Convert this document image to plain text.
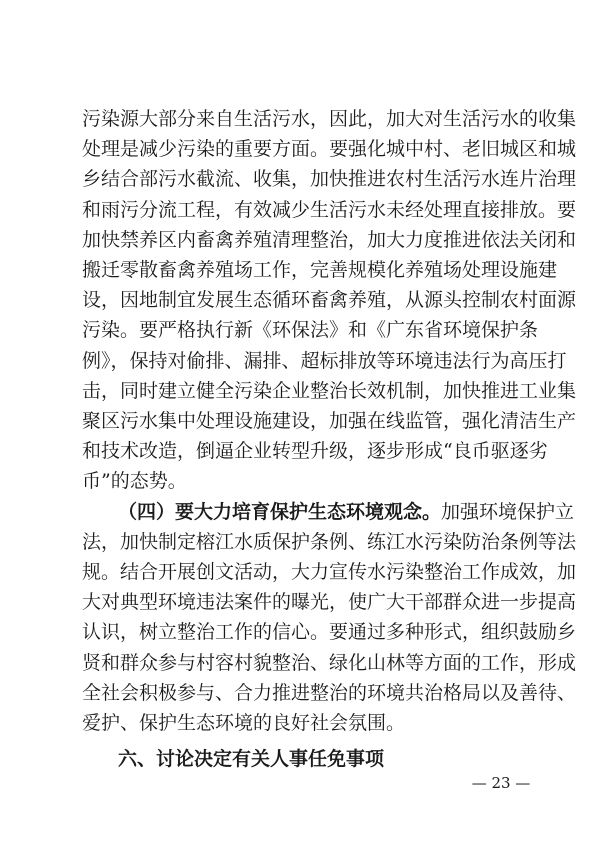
六、讨论决定有关人事任免事项
— 23 —
污染源大部分来自生活污水，因此，加大对生活污水的收集
处理是减少污染的重要方面。要强化城中村、老旧城区和城
乡结合部污水截流、收集，加快推进农村生活污水连片治理
和雨污分流工程，有效减少生活污水未经处理直接排放。要
加快禁养区内畜禽养殖清理整治，加大力度推进依法关闭和
搬迁零散畜禽养殖场工作，完善规模化养殖场处理设施建
设，因地制宜发展生态循环畜禽养殖，从源头控制农村面源
污染。要严格执行新《环保法》和《广东省环境保护条
例》，保持对偷排、漏排、超标排放等环境违法行为高压打
击，同时建立健全污染企业整治长效机制，加快推进工业集
聚区污水集中处理设施建设，加强在线监管，强化清洁生产
和技术改造，倒逼企业转型升级，逐步形成“良币驱逐劣
币”的态势。
（四）要大力培育保护生态环境观念。加强环境保护立
法，加快制定榕江水质保护条例、练江水污染防治条例等法
规。结合开展创文活动，大力宣传水污染整治工作成效，加
大对典型环境违法案件的曝光，使广大干部群众进一步提高
认识，树立整治工作的信心。要通过多种形式，组织鼓励乡
贤和群众参与村容村貌整治、绿化山林等方面的工作，形成
全社会积极参与、合力推进整治的环境共治格局以及善待、
爱护、保护生态环境的良好社会氛围。
